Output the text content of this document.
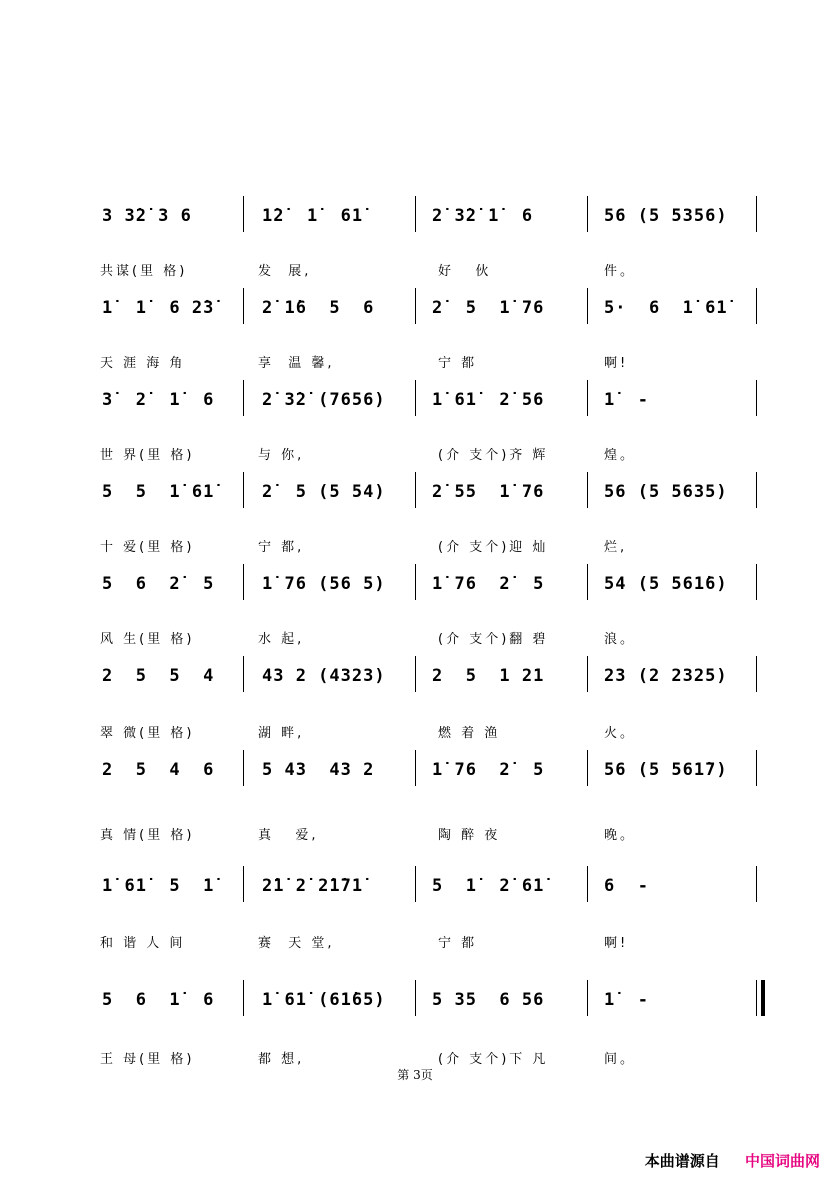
3 3̇2̇ 3 6	1̇2̇  1̇  61̇	2̇ 3̇2̇ 1̇  6	56 (5 5356)
共谋(里 格)	发  展,	好   伙	件。
1̇  1̇  6 2̇3̇	2̇ 1̇6  5  6	2̇  5  1̇ 76	5·  6  1̇ 61̇
天 涯 海 角	享  温 馨,	宁 都	啊!
3̇  2̇  1̇  6	2̇ 3̇2̇ (7656)	1̇ 61̇  2̇ 56	1̇  -
世 界(里 格)	与 你,	(介 支个)齐 辉	煌。
5  5  1̇ 61̇	2̇  5 (5 54)	2̇ 55  1̇ 76	56 (5 5635)
十 爱(里 格)	宁 都,	(介 支个)迎 灿	烂,
5  6  2̇  5	1̇ 76 (56 5)	1̇ 76  2̇  5	54 (5 561̇6)
风 生(里 格)	水 起,	(介 支个)翻 碧	浪。
2  5  5  4	43 2 (4323)	2  5  1 21	23 (2 2325)
翠 微(里 格)	湖 畔,	燃 着 渔	火。
2  5  4  6	5 43  43 2	1̇ 76  2̇  5	56 (5 561̇7)
真 情(里 格)	真   爱,	陶 醉 夜	晚。
1̇ 61̇  5  1̇	2̇1̇ 2̇ 2̇1̇71̇	5  1̇  2̇ 61̇	6  -
和 谐 人 间	赛  天 堂,	宁 都	啊!
5  6  1̇  6	1̇ 61̇ (61̇65)	5 35  6 56	1̇  -
王 母(里 格)	都 想,	(介 支个)下 凡	间。
第 3页
本曲谱源自 中国词曲网
